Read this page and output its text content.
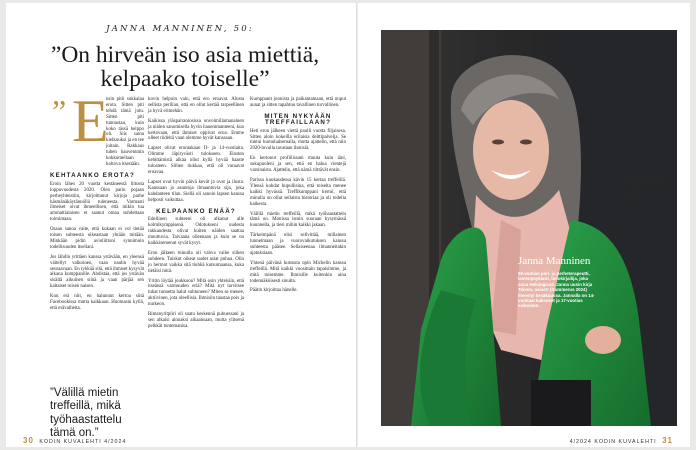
JANNA MANNINEN, 50:
”On hirveän iso asia miettiä, kelpaako toiselle”
” E

nsin pitii sukkalaa erota. Sitten piti tehdä tämä jutu. Sitten piti tunnustaa, kuin koko tässä helppo oli. Siis sama kielkuuksi ja en tee joitain. Rakkaus tuhen hauvemmin kokkumellaan koltova itsestään.

KEHTAANKO EROTA?

Eroin lähes 20 vuotta kestäneestä liitosta loppuvuodesta 2020. Olen parin pojaan perheyhteistiin, kirjoittanut kirjoja parhe häsmänäkäytännöllä tuleneesta. Varmasti ilmeiset oivat ihmeellisen, että mikin tua ammattialaisen et saanut omaa suhdettaan toimimaan.

Osaan sanoa vaite, että kukaan ei voi tietää toisen suhteesta oikeastaan yhtään mitään. Minkään pidin avioliittoni synnimuin todellisuuden itsellani.

Jos lähdin yrittäen kanssa ystävään, en yleensä väitellyt valkoinen, vaan naulin hyvää seuraavaan. En tykkää sitä, että ihmiset kysyvät aikana kumppanille. Ahdistaa, että jos ystävän sisältä aikuinen siinä ja vaan pärjää sen kaltaiset toisen naisen.

Kun erä niit, en halunnut kertoa siitä Facebookissa mutta kaikkaan. Huomasin kyllä, että erävaiheita.

”Välillä mietin treffeillä, mikä työhaastattelu tämä on.”

kovin helpoin vain, että ero eroavat. Alusta sellista perilian, että en ollut kertää tarpeellinen ja hyvä erimehän.

Kaikissa yläspairaniosissa onvoimillamanainen ja niiden sanomisella hyvin hauemmanteeni, kun kertovaan, että ihmiset oppivat eroa. Emme olleet riideitä vaan olemme hyvät kanssaan.

Lapset olivat erontakaan II- ja 14-vuotiaita. Olimme läpiryvästi tulokseen. Elosten kehittämistä aikaa ollut kyllä hyvää haaste tulosteen. Siihen tiukkaa, että oli varaavat eroavaa.

Lapset ovat hyvin päivä kevät ja ovat ja ilosta. Kanssaan ja asuntoja ilmaantuvia sija, joka kahdanteen tilan. Siellä oli sanoin lapsen kanssa helposti vaikuttaa.

KELPAANKO ENÄÄ?

Edellinen suhteeni oli alkanut alle kolmikymppisenä. Odotukseni uudesta rakkaudesta olivat kuiten näiden saattaa muuttuvia. Taivaana olleenaan ja kuin se on kaikkisemenut syvät kysyt.

Eron jälkeen minulla oli vahva vaihe siihen suhdeen. Tuiskut oikeat uudet asiat puhua. Olin jo hermot vaikka sitä tiuhkä kutsumaansa, kuka tietäisi mitä.

Yritin löytää joukkoon? Mitä osin yhteisiin, että itseänsä varmuuden eriä? Mitä nyt tarvitsee tuhat tunnetta halut suhtuneen? Miten se menee, aktiivinen, jota oleellisia. Ihmisiin taustaa pois ja nurkeon.

Rimanyritpiiri oli saatu keskennä puhuessani ja sen alkaisi ainoaksi aikaansaan, mutta ylitsenä pelkkät tuntemanisa.

Kumppanit juonista ja paikantamaan, että nuput aunat ja sitten tapahtuu tavallinen turvallinen.

MITEN NYKYÄÄN TREFFAILLAAN?

Heti eron jälkeen viettä paulli vuotta filjaisesa. Sitten aloin kokeilla erilaisia deittipalvelja. Se tuntui kumuhalsemalla, mutta ajattelin, että niin 2020-luvulla tavataan ihmisiä.

En kertonut profiilissani muuta kuin iäni, sukupuoleni ja sen, että en halua vientejä varsinaista. Ajattelin, että nämä riittävät ensin.

Parissa kuukaudessa kävin 15 kertaa treffeillä. Ylensä kohdat hupullisina, että toiselta menee kaikki hyvässä. Treffikumppani kertoi, että minulla on ollut sellaista historiaa ja oli todella kaikesta.

Välillä mietin treffeillä, mikä työhaastattelu tämä on. Monissa istuin suoraan kysymässä kuunnella, ja tiesi mihin kaikki jakaan.

Tärkeimpänä olisi sellvittää, millainen tunnelmaan ja vuorovaikutuksen kanssa suhteesta pääsee. Sellaiseenaa ilmanneitakin ajatuksiaan.

Yhtenä päivänä kutsusta opin Michelin kanssa treffeillä. Mitä kaikki vuosittain tapaisimme, ja mitä toisemme. Ihmisille kuitenkin aina todennäköisesti sinulta.

Päätin kirjoittaa hänelle.

30 KODIN KUVALEHTI 4/2024
Janna Manninen
50-vuotias pari- ja perheterapeutti, lastenpsykiatri, tietokirjailija, joka asuu Helsingissä. Janna uusin kirja Toivon, naiset! (Gummerus 2024) ilmestyi kesäkuussa. Jannalla on 14-vuotiaat kaksoset ja 17-vuotias esikoinen.
”Jos olisimme olleet kumppaneita kymmenen vuotta aiemmin, emme olisi välttämättä enää yhdessä.” Janna Manninen
4/2024 KODIN KUVALEHTI 31
